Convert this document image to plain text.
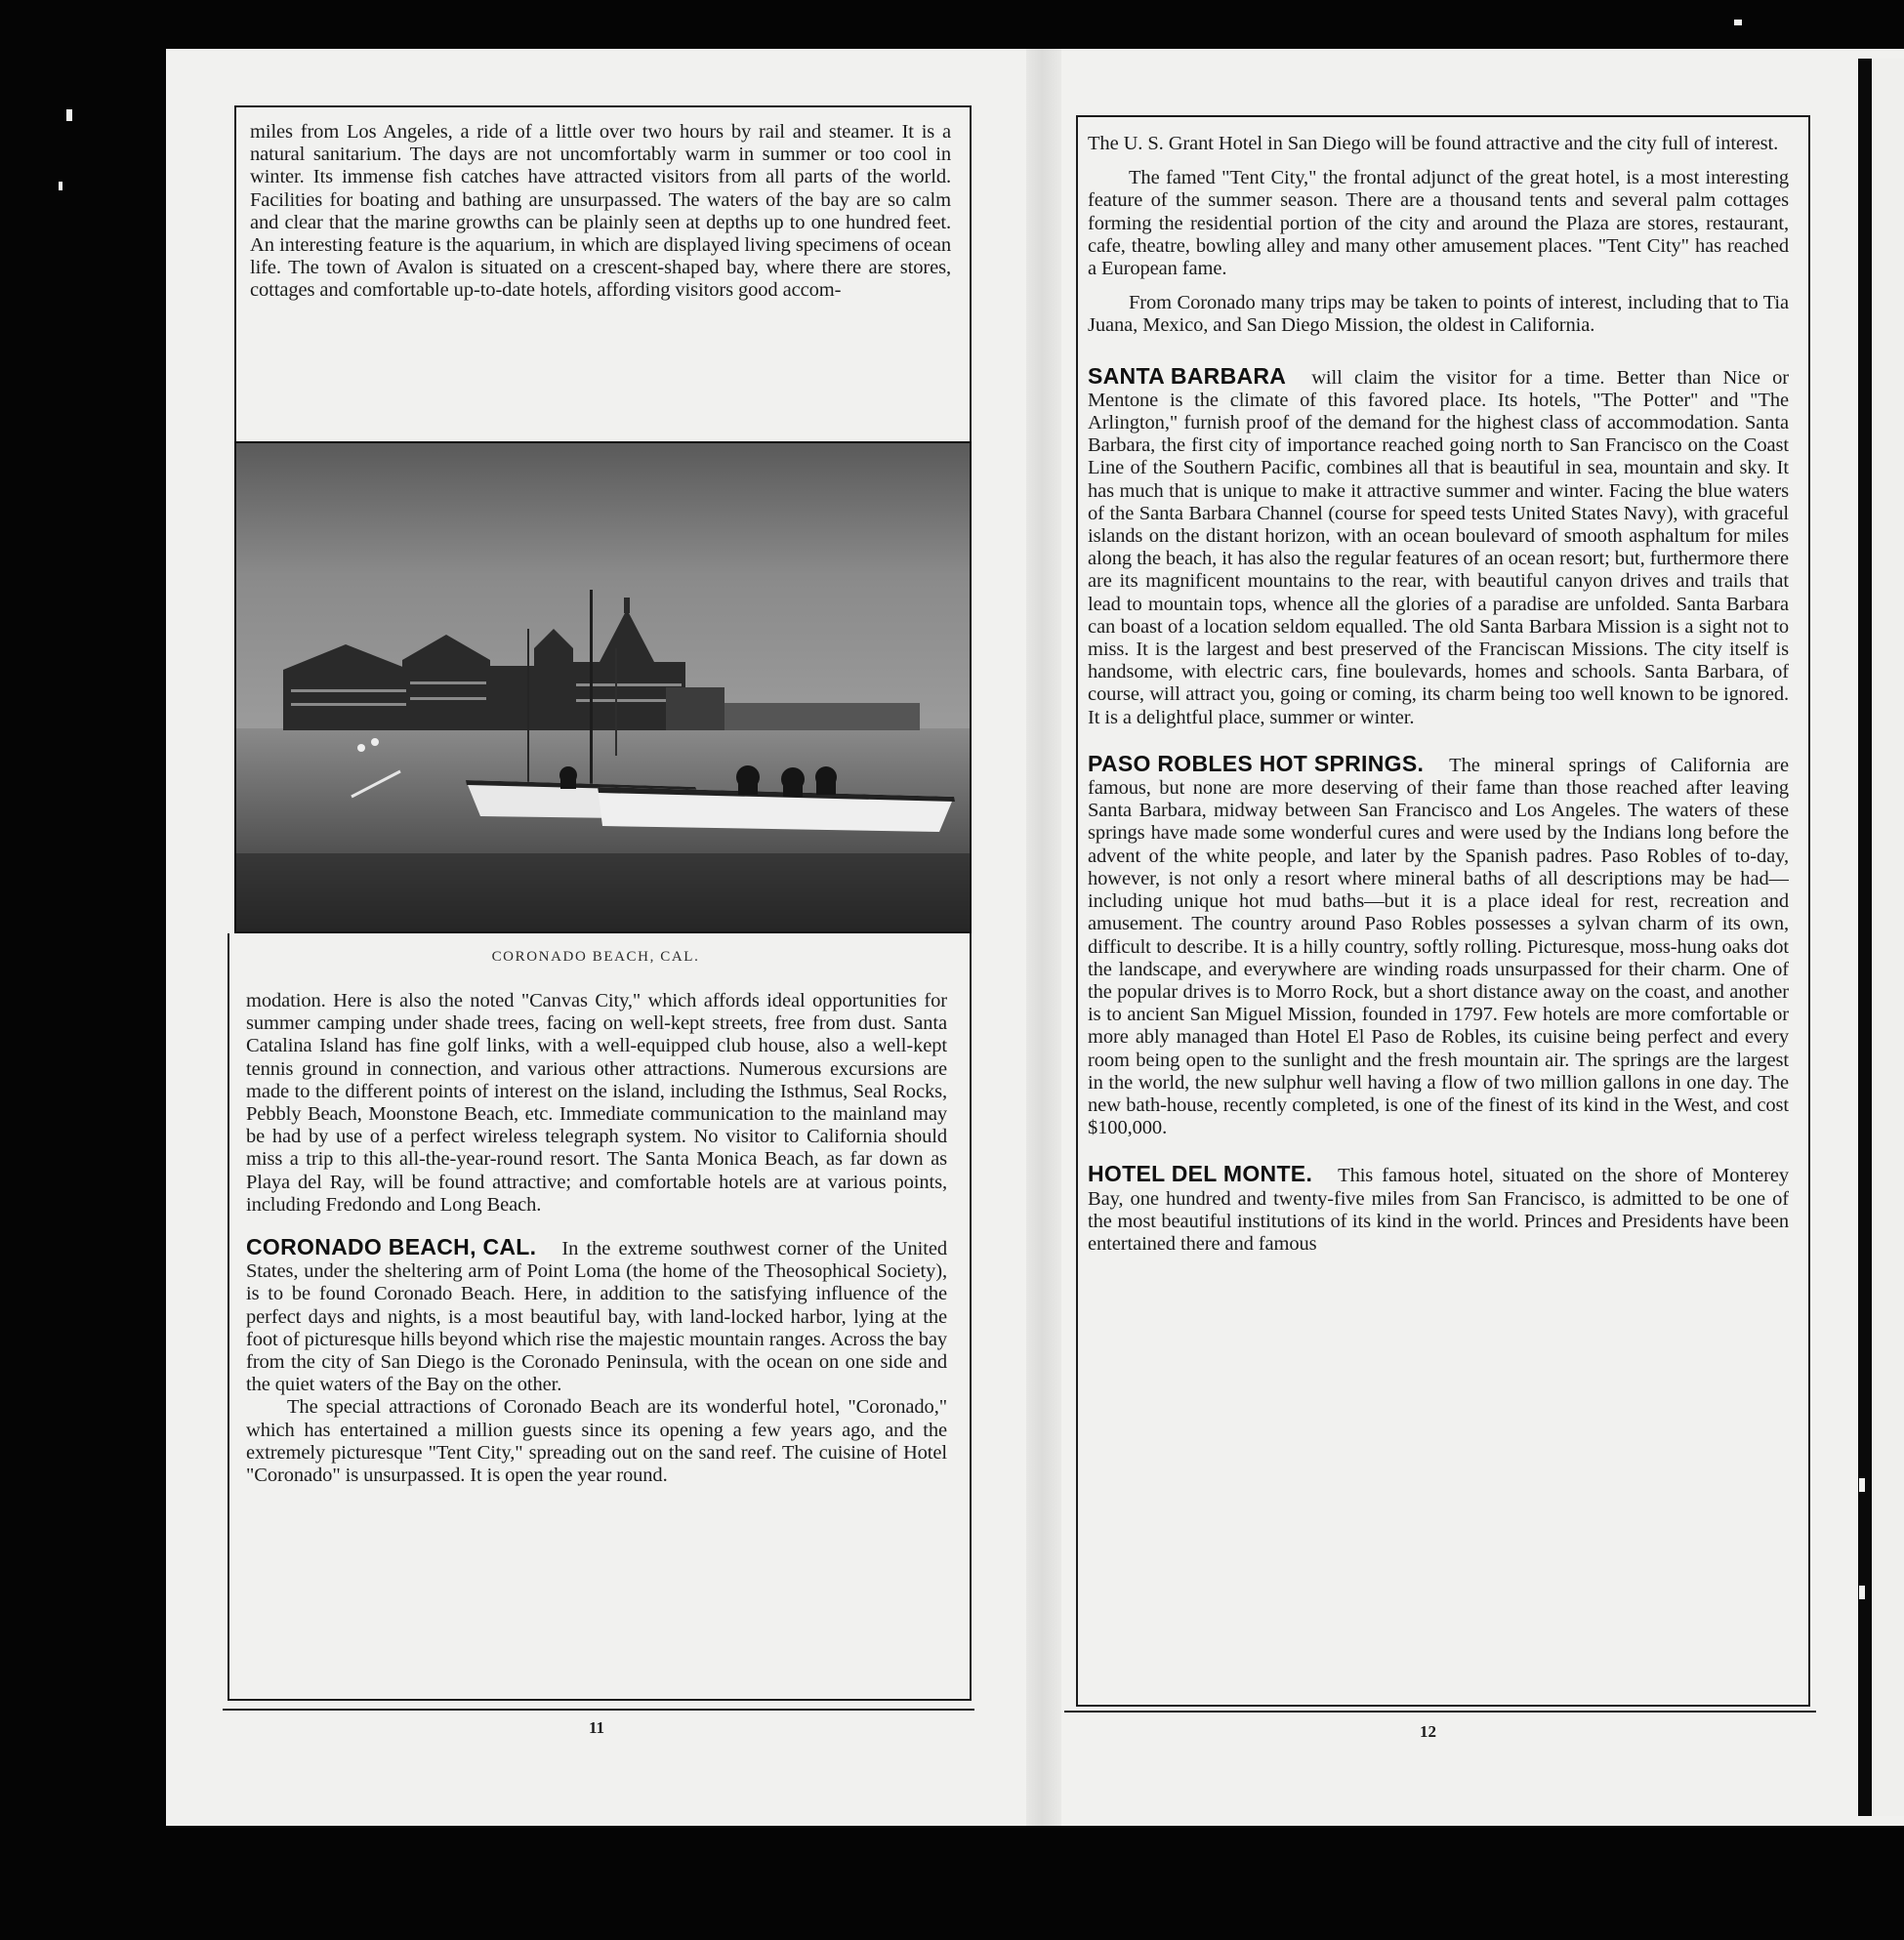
miles from Los Angeles, a ride of a little over two hours by rail and steamer. It is a natural sanitarium. The days are not uncomfortably warm in summer or too cool in winter. Its immense fish catches have attracted visitors from all parts of the world. Facilities for boating and bathing are unsurpassed. The waters of the bay are so calm and clear that the marine growths can be plainly seen at depths up to one hundred feet. An interesting feature is the aquarium, in which are displayed living specimens of ocean life. The town of Avalon is situated on a crescent-shaped bay, where there are stores, cottages and comfortable up-to-date hotels, affording visitors good accom-

CORONADO BEACH, CAL.

modation. Here is also the noted "Canvas City," which affords ideal opportunities for summer camping under shade trees, facing on well-kept streets, free from dust. Santa Catalina Island has fine golf links, with a well-equipped club house, also a well-kept tennis ground in connection, and various other attractions. Numerous excursions are made to the different points of interest on the island, including the Isthmus, Seal Rocks, Pebbly Beach, Moonstone Beach, etc. Immediate communication to the mainland may be had by use of a perfect wireless telegraph system. No visitor to California should miss a trip to this all-the-year-round resort. The Santa Monica Beach, as far down as Playa del Ray, will be found attractive; and comfortable hotels are at various points, including Fredondo and Long Beach.

CORONADO BEACH, CAL. In the extreme southwest corner of the United States, under the sheltering arm of Point Loma (the home of the Theosophical Society), is to be found Coronado Beach. Here, in addition to the satisfying influence of the perfect days and nights, is a most beautiful bay, with land-locked harbor, lying at the foot of picturesque hills beyond which rise the majestic mountain ranges. Across the bay from the city of San Diego is the Coronado Peninsula, with the ocean on one side and the quiet waters of the Bay on the other.

The special attractions of Coronado Beach are its wonderful hotel, "Coronado," which has entertained a million guests since its opening a few years ago, and the extremely picturesque "Tent City," spreading out on the sand reef. The cuisine of Hotel "Coronado" is unsurpassed. It is open the year round.

11

The U. S. Grant Hotel in San Diego will be found attractive and the city full of interest.

The famed "Tent City," the frontal adjunct of the great hotel, is a most interesting feature of the summer season. There are a thousand tents and several palm cottages forming the residential portion of the city and around the Plaza are stores, restaurant, cafe, theatre, bowling alley and many other amusement places. "Tent City" has reached a European fame.

From Coronado many trips may be taken to points of interest, including that to Tia Juana, Mexico, and San Diego Mission, the oldest in California.

SANTA BARBARA will claim the visitor for a time. Better than Nice or Mentone is the climate of this favored place. Its hotels, "The Potter" and "The Arlington," furnish proof of the demand for the highest class of accommodation. Santa Barbara, the first city of importance reached going north to San Francisco on the Coast Line of the Southern Pacific, combines all that is beautiful in sea, mountain and sky. It has much that is unique to make it attractive summer and winter. Facing the blue waters of the Santa Barbara Channel (course for speed tests United States Navy), with graceful islands on the distant horizon, with an ocean boulevard of smooth asphaltum for miles along the beach, it has also the regular features of an ocean resort; but, furthermore there are its magnificent mountains to the rear, with beautiful canyon drives and trails that lead to mountain tops, whence all the glories of a paradise are unfolded. Santa Barbara can boast of a location seldom equalled. The old Santa Barbara Mission is a sight not to miss. It is the largest and best preserved of the Franciscan Missions. The city itself is handsome, with electric cars, fine boulevards, homes and schools. Santa Barbara, of course, will attract you, going or coming, its charm being too well known to be ignored. It is a delightful place, summer or winter.

PASO ROBLES HOT SPRINGS. The mineral springs of California are famous, but none are more deserving of their fame than those reached after leaving Santa Barbara, midway between San Francisco and Los Angeles. The waters of these springs have made some wonderful cures and were used by the Indians long before the advent of the white people, and later by the Spanish padres. Paso Robles of to-day, however, is not only a resort where mineral baths of all descriptions may be had—including unique hot mud baths—but it is a place ideal for rest, recreation and amusement. The country around Paso Robles possesses a sylvan charm of its own, difficult to describe. It is a hilly country, softly rolling. Picturesque, moss-hung oaks dot the landscape, and everywhere are winding roads unsurpassed for their charm. One of the popular drives is to Morro Rock, but a short distance away on the coast, and another is to ancient San Miguel Mission, founded in 1797. Few hotels are more comfortable or more ably managed than Hotel El Paso de Robles, its cuisine being perfect and every room being open to the sunlight and the fresh mountain air. The springs are the largest in the world, the new sulphur well having a flow of two million gallons in one day. The new bath-house, recently completed, is one of the finest of its kind in the West, and cost $100,000.

HOTEL DEL MONTE. This famous hotel, situated on the shore of Monterey Bay, one hundred and twenty-five miles from San Francisco, is admitted to be one of the most beautiful institutions of its kind in the world. Princes and Presidents have been entertained there and famous

12
